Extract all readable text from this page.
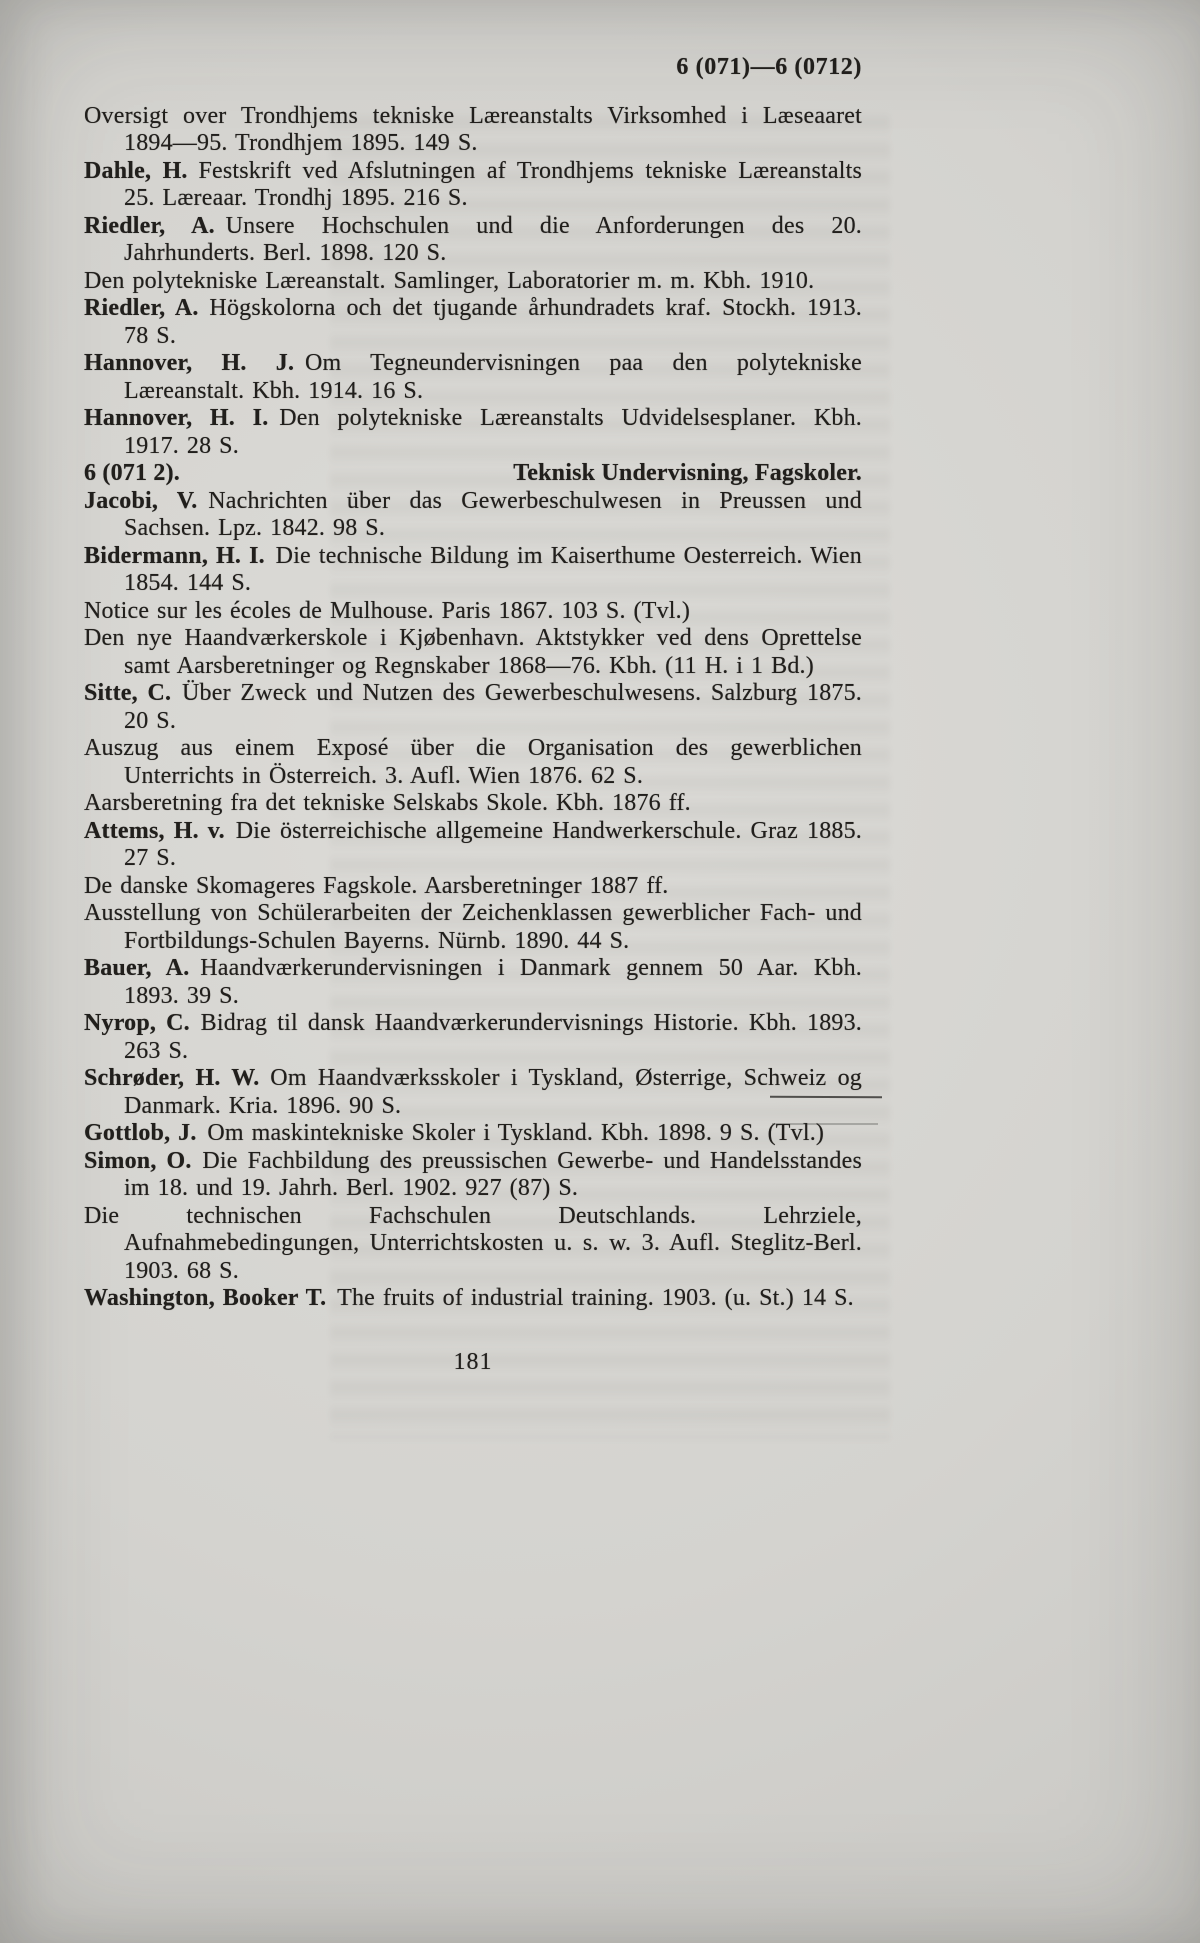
6 (071)—6 (0712)

Oversigt over Trondhjems tekniske Læreanstalts Virksomhed i Læseaaret 1894—95. Trondhjem 1895. 149 S.

Dahle, H. Festskrift ved Afslutningen af Trondhjems tekniske Læreanstalts 25. Læreaar. Trondhj 1895. 216 S.

Riedler, A. Unsere Hochschulen und die Anforderungen des 20. Jahrhunderts. Berl. 1898. 120 S.

Den polytekniske Læreanstalt. Samlinger, Laboratorier m. m. Kbh. 1910.

Riedler, A. Högskolorna och det tjugande århundradets kraf. Stockh. 1913. 78 S.

Hannover, H. J. Om Tegneundervisningen paa den polytekniske Læreanstalt. Kbh. 1914. 16 S.

Hannover, H. I. Den polytekniske Læreanstalts Udvidelsesplaner. Kbh. 1917. 28 S.

6 (071 2).	Teknisk Undervisning, Fagskoler.

Jacobi, V. Nachrichten über das Gewerbeschulwesen in Preussen und Sachsen. Lpz. 1842. 98 S.

Bidermann, H. I. Die technische Bildung im Kaiserthume Oesterreich. Wien 1854. 144 S.

Notice sur les écoles de Mulhouse. Paris 1867. 103 S. (Tvl.)

Den nye Haandværkerskole i Kjøbenhavn. Aktstykker ved dens Oprettelse samt Aarsberetninger og Regnskaber 1868—76. Kbh. (11 H. i 1 Bd.)

Sitte, C. Über Zweck und Nutzen des Gewerbeschulwesens. Salzburg 1875. 20 S.

Auszug aus einem Exposé über die Organisation des gewerblichen Unterrichts in Österreich. 3. Aufl. Wien 1876. 62 S.

Aarsberetning fra det tekniske Selskabs Skole. Kbh. 1876 ff.

Attems, H. v. Die österreichische allgemeine Handwerkerschule. Graz 1885. 27 S.

De danske Skomageres Fagskole. Aarsberetninger 1887 ff.

Ausstellung von Schülerarbeiten der Zeichenklassen gewerblicher Fach- und Fortbildungs-Schulen Bayerns. Nürnb. 1890. 44 S.

Bauer, A. Haandværkerundervisningen i Danmark gennem 50 Aar. Kbh. 1893. 39 S.

Nyrop, C. Bidrag til dansk Haandværkerundervisnings Historie. Kbh. 1893. 263 S.

Schrøder, H. W. Om Haandværksskoler i Tyskland, Østerrige, Schweiz og Danmark. Kria. 1896. 90 S.

Gottlob, J. Om maskintekniske Skoler i Tyskland. Kbh. 1898. 9 S. (Tvl.)

Simon, O. Die Fachbildung des preussischen Gewerbe- und Handelsstandes im 18. und 19. Jahrh. Berl. 1902. 927 (87) S.

Die technischen Fachschulen Deutschlands. Lehrziele, Aufnahmebedingungen, Unterrichtskosten u. s. w. 3. Aufl. Steglitz-Berl. 1903. 68 S.

Washington, Booker T. The fruits of industrial training. 1903. (u. St.) 14 S.

181
